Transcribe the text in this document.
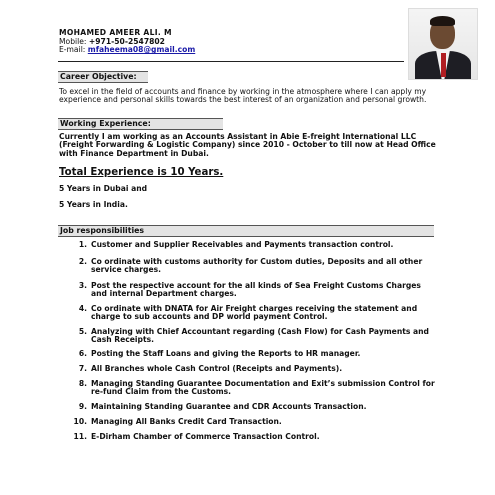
MOHAMED AMEER ALI. M
Mobile: +971-50-2547802
E-mail: mfaheema08@gmail.com
Career Objective:
To excel in the field of accounts and finance by working in the atmosphere where I can apply my experience and personal skills towards the best interest of an organization and personal growth.
Working Experience:
Currently I am working as an Accounts Assistant in Abie E-freight International LLC (Freight Forwarding & Logistic Company) since 2010 - October to till now at Head Office with Finance Department in Dubai.
Total Experience is 10 Years.
5 Years in Dubai and
5 Years in India.
Job responsibilities
1. Customer and Supplier Receivables and Payments transaction control.
2. Co ordinate with customs authority for Custom duties, Deposits and all other service charges.
3. Post the respective account for the all kinds of Sea Freight Customs Charges and internal Department charges.
4. Co ordinate with DNATA for Air Freight charges receiving the statement and charge to sub accounts and DP world payment Control.
5. Analyzing with Chief Accountant regarding (Cash Flow) for Cash Payments and Cash Receipts.
6. Posting the Staff Loans and giving the Reports to HR manager.
7. All Branches whole Cash Control (Receipts and Payments).
8. Managing Standing Guarantee Documentation and Exit’s submission Control for re-fund Claim from the Customs.
9. Maintaining Standing Guarantee and CDR Accounts Transaction.
10. Managing All Banks Credit Card Transaction.
11. E-Dirham Chamber of Commerce Transaction Control.
